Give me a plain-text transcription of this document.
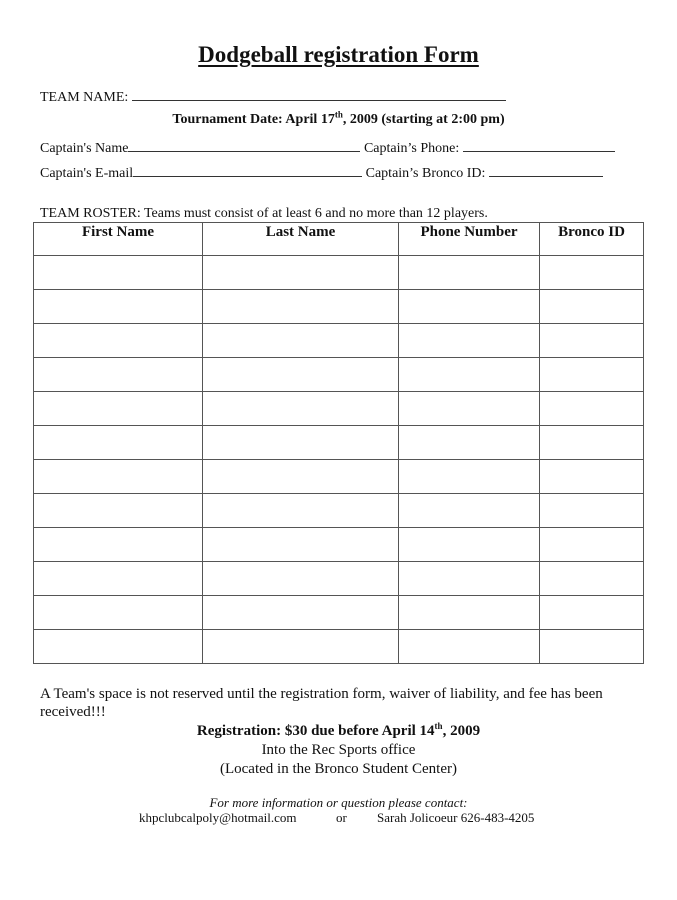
Dodgeball registration Form
TEAM NAME:
Tournament Date: April 17th, 2009 (starting at 2:00 pm)
Captain's Name	Captain’s Phone:
Captain's E-mail	Captain’s Bronco ID:
TEAM ROSTER: Teams must consist of at least 6 and no more than 12 players.
First Name	Last Name	Phone Number	Bronco ID

A Team's space is not reserved until the registration form, waiver of liability, and fee has been received!!!
Registration: $30 due before April 14th, 2009
Into the Rec Sports office
(Located in the Bronco Student Center)
For more information or question please contact:
khpclubcalpoly@hotmail.com	or Sarah Jolicoeur 626-483-4205
